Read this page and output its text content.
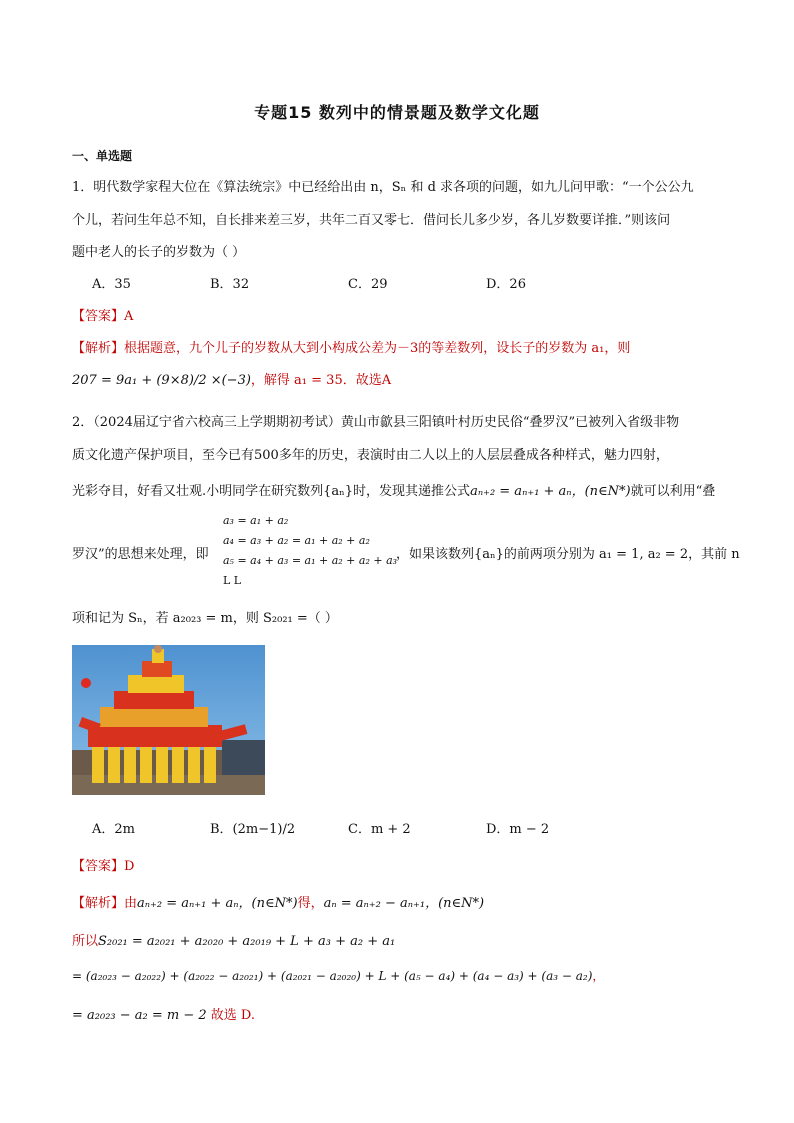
专题15 数列中的情景题及数学文化题
一、单选题
1．明代数学家程大位在《算法统宗》中已经给出由 n，Sₙ 和 d 求各项的问题，如九儿问甲歌：“一个公公九
个儿，若问生年总不知，自长排来差三岁，共年二百又零七．借问长儿多少岁，各儿岁数要详推．”则该问
题中老人的长子的岁数为（ ）
A．35	B．32	C．29	D．26
【答案】A
【解析】根据题意，九个儿子的岁数从大到小构成公差为－3的等差数列，设长子的岁数为 a₁，则
207 = 9a₁ + (9×8)/2 ×(−3)，解得 a₁ = 35．故选A
2．（2024届辽宁省六校高三上学期期初考试）黄山市歙县三阳镇叶村历史民俗“叠罗汉”已被列入省级非物
质文化遗产保护项目，至今已有500多年的历史，表演时由二人以上的人层层叠成各种样式，魅力四射，
光彩夺目，好看又壮观.小明同学在研究数列{aₙ}时，发现其递推公式aₙ₊₂ = aₙ₊₁ + aₙ，(n∈N*)就可以利用“叠
罗汉”的思想来处理，即
a₃ = a₁ + a₂
a₄ = a₃ + a₂ = a₁ + a₂ + a₂
a₅ = a₄ + a₃ = a₁ + a₂ + a₂ + a₃
L L
，如果该数列{aₙ}的前两项分别为 a₁ = 1, a₂ = 2，其前 n
项和记为 Sₙ，若 a₂₀₂₃ = m，则 S₂₀₂₁ =（ ）
A．2m	B．(2m−1)/2	C．m + 2	D．m − 2
【答案】D
【解析】由aₙ₊₂ = aₙ₊₁ + aₙ，(n∈N*)得，aₙ = aₙ₊₂ − aₙ₊₁，(n∈N*)
所以S₂₀₂₁ = a₂₀₂₁ + a₂₀₂₀ + a₂₀₁₉ + L + a₃ + a₂ + a₁
= (a₂₀₂₃ − a₂₀₂₂) + (a₂₀₂₂ − a₂₀₂₁) + (a₂₀₂₁ − a₂₀₂₀) + L + (a₅ − a₄) + (a₄ − a₃) + (a₃ − a₂)，
= a₂₀₂₃ − a₂ = m − 2 故选 D.
